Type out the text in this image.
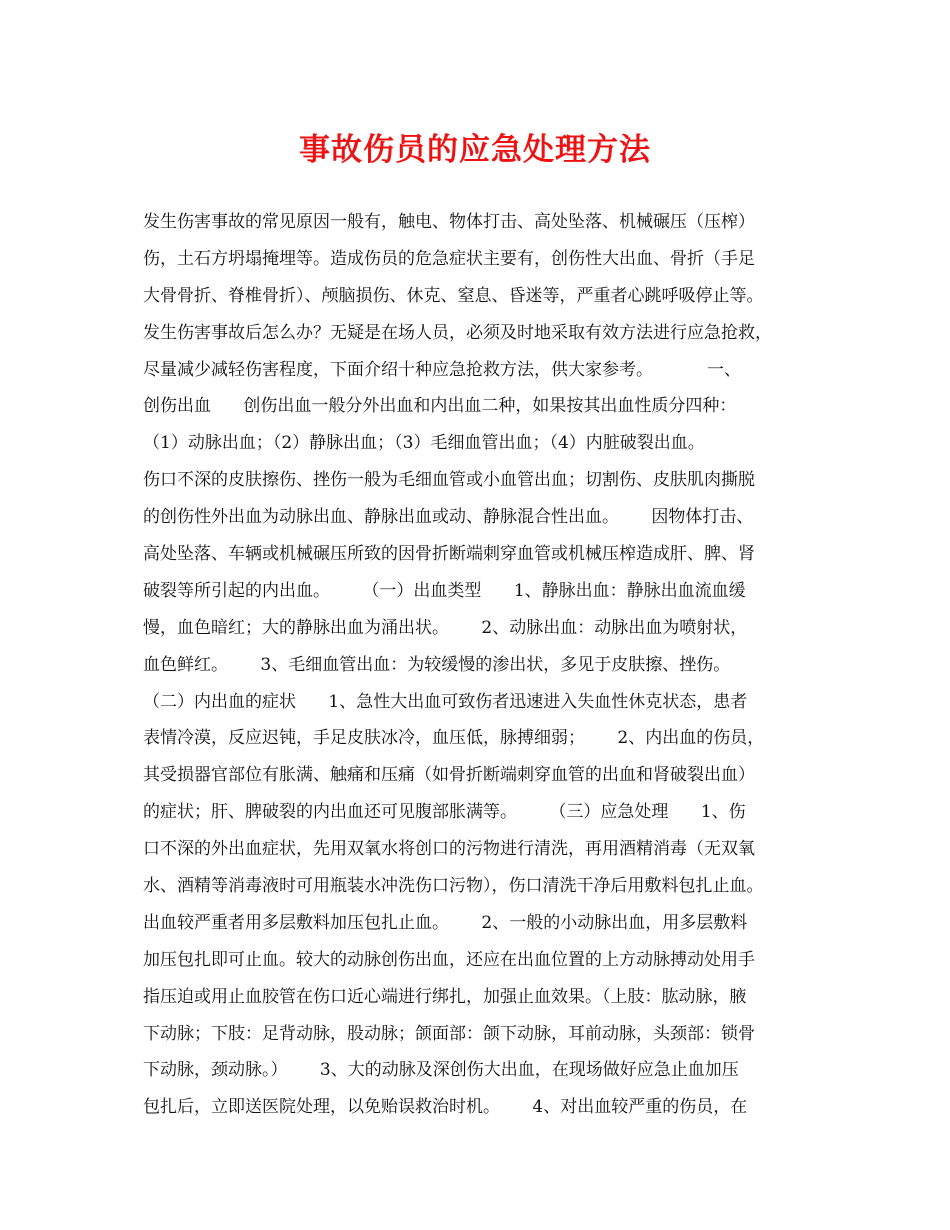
事故伤员的应急处理方法
发生伤害事故的常见原因一般有，触电、物体打击、高处坠落、机械碾压（压榨）
伤，土石方坍塌掩埋等。造成伤员的危急症状主要有，创伤性大出血、骨折（手足
大骨骨折、脊椎骨折）、颅脑损伤、休克、窒息、昏迷等，严重者心跳呼吸停止等。
发生伤害事故后怎么办？无疑是在场人员，必须及时地采取有效方法进行应急抢救，
尽量减少减轻伤害程度，下面介绍十种应急抢救方法，供大家参考。          一、
创伤出血      创伤出血一般分外出血和内出血二种，如果按其出血性质分四种：
（1）动脉出血；（2）静脉出血；（3）毛细血管出血；（4）内脏破裂出血。
伤口不深的皮肤擦伤、挫伤一般为毛细血管或小血管出血；切割伤、皮肤肌肉撕脱
的创伤性外出血为动脉出血、静脉出血或动、静脉混合性出血。      因物体打击、
高处坠落、车辆或机械碾压所致的因骨折断端刺穿血管或机械压榨造成肝、脾、肾
破裂等所引起的内出血。      （一）出血类型      1、静脉出血：静脉出血流血缓
慢，血色暗红；大的静脉出血为涌出状。      2、动脉出血：动脉出血为喷射状，
血色鲜红。      3、毛细血管出血：为较缓慢的渗出状，多见于皮肤擦、挫伤。
（二）内出血的症状      1、急性大出血可致伤者迅速进入失血性休克状态，患者
表情冷漠，反应迟钝，手足皮肤冰冷，血压低，脉搏细弱；      2、内出血的伤员，
其受损器官部位有胀满、触痛和压痛（如骨折断端刺穿血管的出血和肾破裂出血）
的症状；肝、脾破裂的内出血还可见腹部胀满等。      （三）应急处理      1、伤
口不深的外出血症状，先用双氧水将创口的污物进行清洗，再用酒精消毒（无双氧
水、酒精等消毒液时可用瓶装水冲洗伤口污物），伤口清洗干净后用敷料包扎止血。
出血较严重者用多层敷料加压包扎止血。      2、一般的小动脉出血，用多层敷料
加压包扎即可止血。较大的动脉创伤出血，还应在出血位置的上方动脉搏动处用手
指压迫或用止血胶管在伤口近心端进行绑扎，加强止血效果。（上肢：肱动脉，腋
下动脉；下肢：足背动脉，股动脉；颌面部：颌下动脉，耳前动脉，头颈部：锁骨
下动脉，颈动脉。）      3、大的动脉及深创伤大出血，在现场做好应急止血加压
包扎后，立即送医院处理，以免贻误救治时机。      4、对出血较严重的伤员，在
